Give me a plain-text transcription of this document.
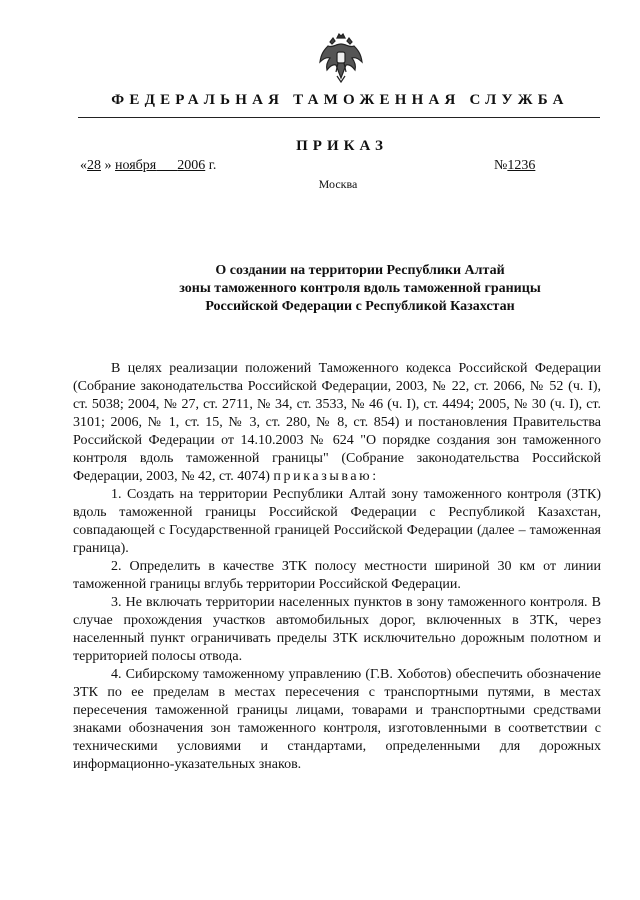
ФЕДЕРАЛЬНАЯ ТАМОЖЕННАЯ СЛУЖБА
ПРИКАЗ
«28 » ноября 2006 г.	№1236
Москва
О создании на территории Республики Алтай
зоны таможенного контроля вдоль таможенной границы
Российской Федерации с Республикой Казахстан

В целях реализации положений Таможенного кодекса Российской Федерации (Собрание законодательства Российской Федерации, 2003, № 22, ст. 2066, № 52 (ч. I), ст. 5038; 2004, № 27, ст. 2711, № 34, ст. 3533, № 46 (ч. I), ст. 4494; 2005, № 30 (ч. I), ст. 3101; 2006, № 1, ст. 15, № 3, ст. 280, № 8, ст. 854) и постановления Правительства Российской Федерации от 14.10.2003 № 624 "О порядке создания зон таможенного контроля вдоль таможенной границы" (Собрание законодательства Российской Федерации, 2003, № 42, ст. 4074) приказываю:

1. Создать на территории Республики Алтай зону таможенного контроля (ЗТК) вдоль таможенной границы Российской Федерации с Республикой Казахстан, совпадающей с Государственной границей Российской Федерации (далее – таможенная граница).

2. Определить в качестве ЗТК полосу местности шириной 30 км от линии таможенной границы вглубь территории Российской Федерации.

3. Не включать территории населенных пунктов в зону таможенного контроля. В случае прохождения участков автомобильных дорог, включенных в ЗТК, через населенный пункт ограничивать пределы ЗТК исключительно дорожным полотном и территорией полосы отвода.

4. Сибирскому таможенному управлению (Г.В. Хоботов) обеспечить обозначение ЗТК по ее пределам в местах пересечения с транспортными путями, в местах пересечения таможенной границы лицами, товарами и транспортными средствами знаками обозначения зон таможенного контроля, изготовленными в соответствии с техническими условиями и стандартами, определенными для дорожных информационно-указательных знаков.
